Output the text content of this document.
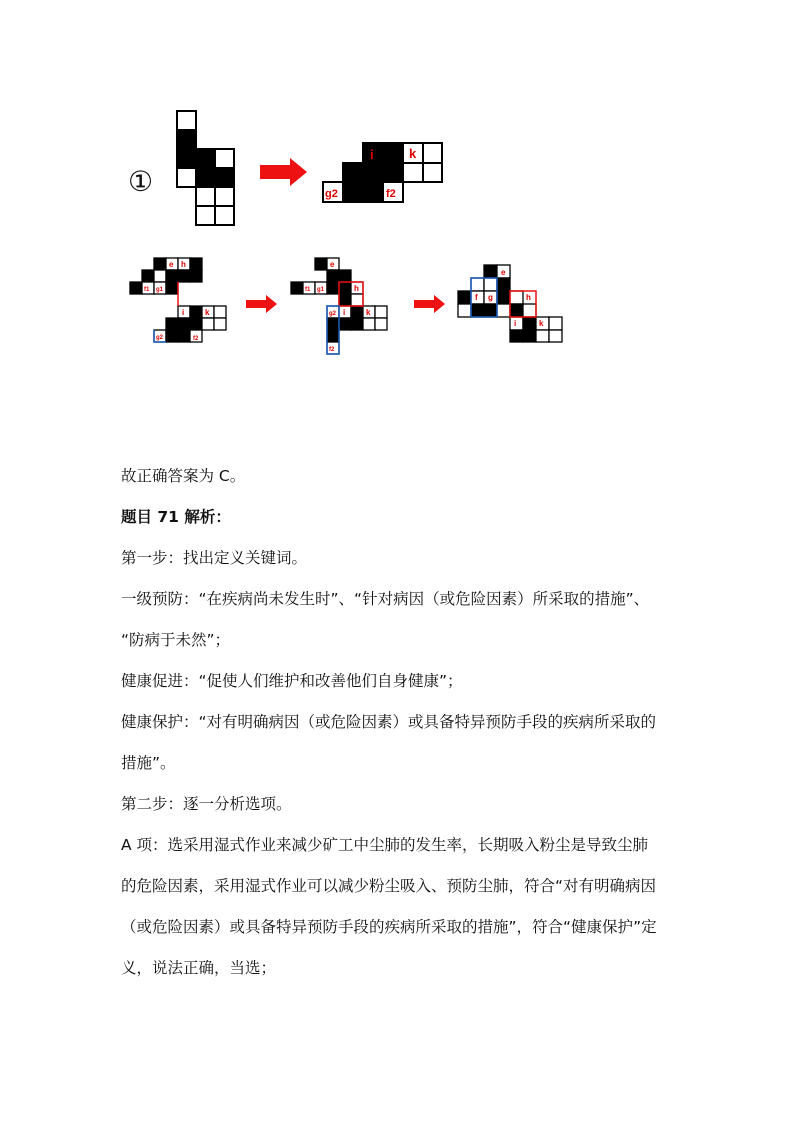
①
i	k
g2	f2
e h
f1 g1
i	k
g2	f2
e
h
f1 g1
g2 i	k
f2
e
f g	h
i	k

故正确答案为 C。

题目 71 解析：

第一步：找出定义关键词。

一级预防：“在疾病尚未发生时”、“针对病因（或危险因素）所采取的措施”、

“防病于未然”；

健康促进：“促使人们维护和改善他们自身健康”；

健康保护：“对有明确病因（或危险因素）或具备特异预防手段的疾病所采取的

措施”。

第二步：逐一分析选项。

A 项：选采用湿式作业来减少矿工中尘肺的发生率，长期吸入粉尘是导致尘肺

的危险因素，采用湿式作业可以减少粉尘吸入、预防尘肺，符合“对有明确病因

（或危险因素）或具备特异预防手段的疾病所采取的措施”，符合“健康保护”定

义，说法正确，当选；
